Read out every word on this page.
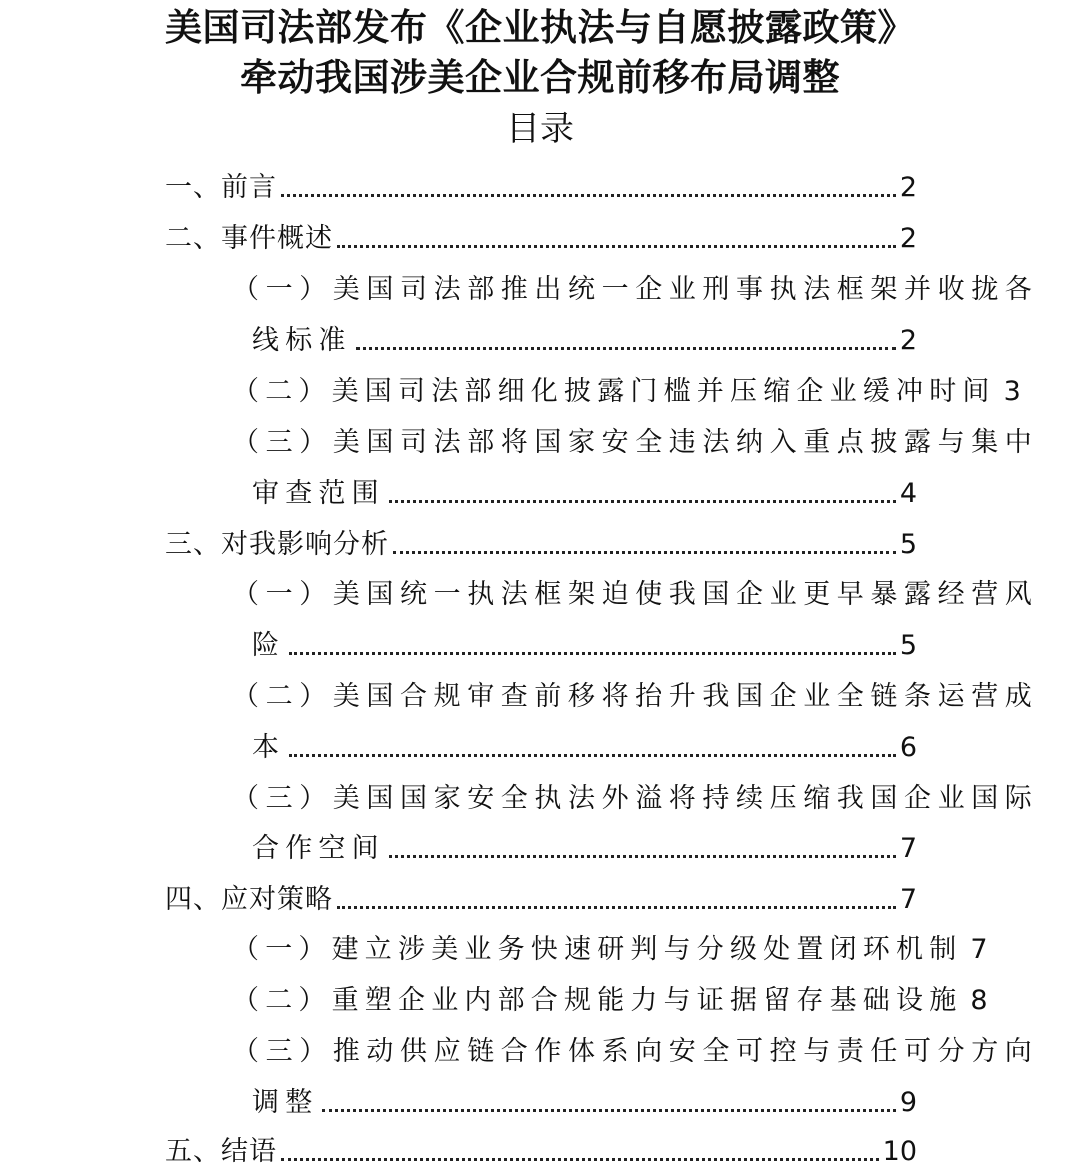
美国司法部发布《企业执法与自愿披露政策》
牵动我国涉美企业合规前移布局调整
目录
一、前言	2
二、事件概述	2
（一）美国司法部推出统一企业刑事执法框架并收拢各
线标准	2
（二）美国司法部细化披露门槛并压缩企业缓冲时间 3
（三）美国司法部将国家安全违法纳入重点披露与集中
审查范围	4
三、对我影响分析	5
（一）美国统一执法框架迫使我国企业更早暴露经营风
险	5
（二）美国合规审查前移将抬升我国企业全链条运营成
本	6
（三）美国国家安全执法外溢将持续压缩我国企业国际
合作空间	7
四、应对策略	7
（一）建立涉美业务快速研判与分级处置闭环机制 7
（二）重塑企业内部合规能力与证据留存基础设施 8
（三）推动供应链合作体系向安全可控与责任可分方向
调整	9
五、结语	10
